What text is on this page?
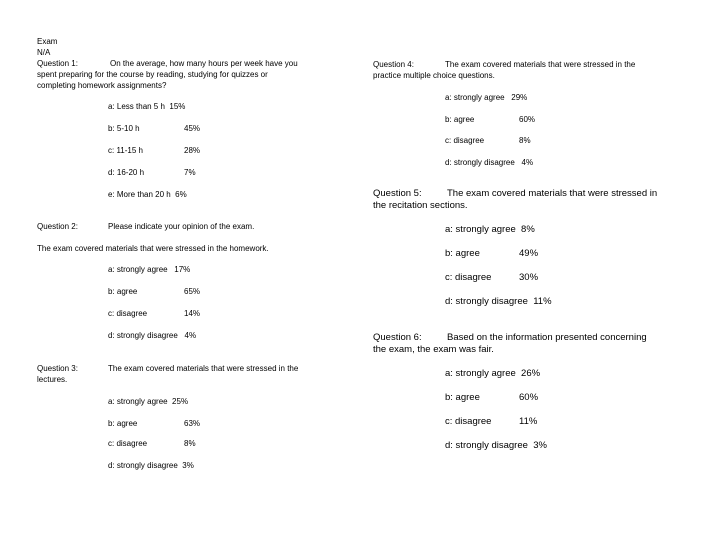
Exam
N/A
Question 1:	On the average, how many hours per week have you
spent preparing for the course by reading, studying for quizzes or
completing homework assignments?
a: Less than 5 h 15%
b: 5-10 h	45%
c: 11-15 h	28%
d: 16-20 h	7%
e: More than 20 h 6%
Question 2:	Please indicate your opinion of the exam.
The exam covered materials that were stressed in the homework.
a: strongly agree 17%
b: agree	65%
c: disagree	14%
d: strongly disagree 4%
Question 3:
lectures.
The exam covered materials that were stressed in the
a: strongly agree 25%
b: agree	63%
c: disagree	8%
d: strongly disagree 3%
Question 4:	The exam covered materials that were stressed in the
practice multiple choice questions.
a: strongly agree 29%
b: agree	60%
c: disagree	8%
d: strongly disagree 4%
Question 5:	The exam covered materials that were stressed in
the recitation sections.
a: strongly agree 8%
b: agree	49%
c: disagree	30%
d: strongly disagree 11%
Question 6:	Based on the information presented concerning
the exam, the exam was fair.
a: strongly agree 26%
b: agree	60%
c: disagree	11%
d: strongly disagree 3%
